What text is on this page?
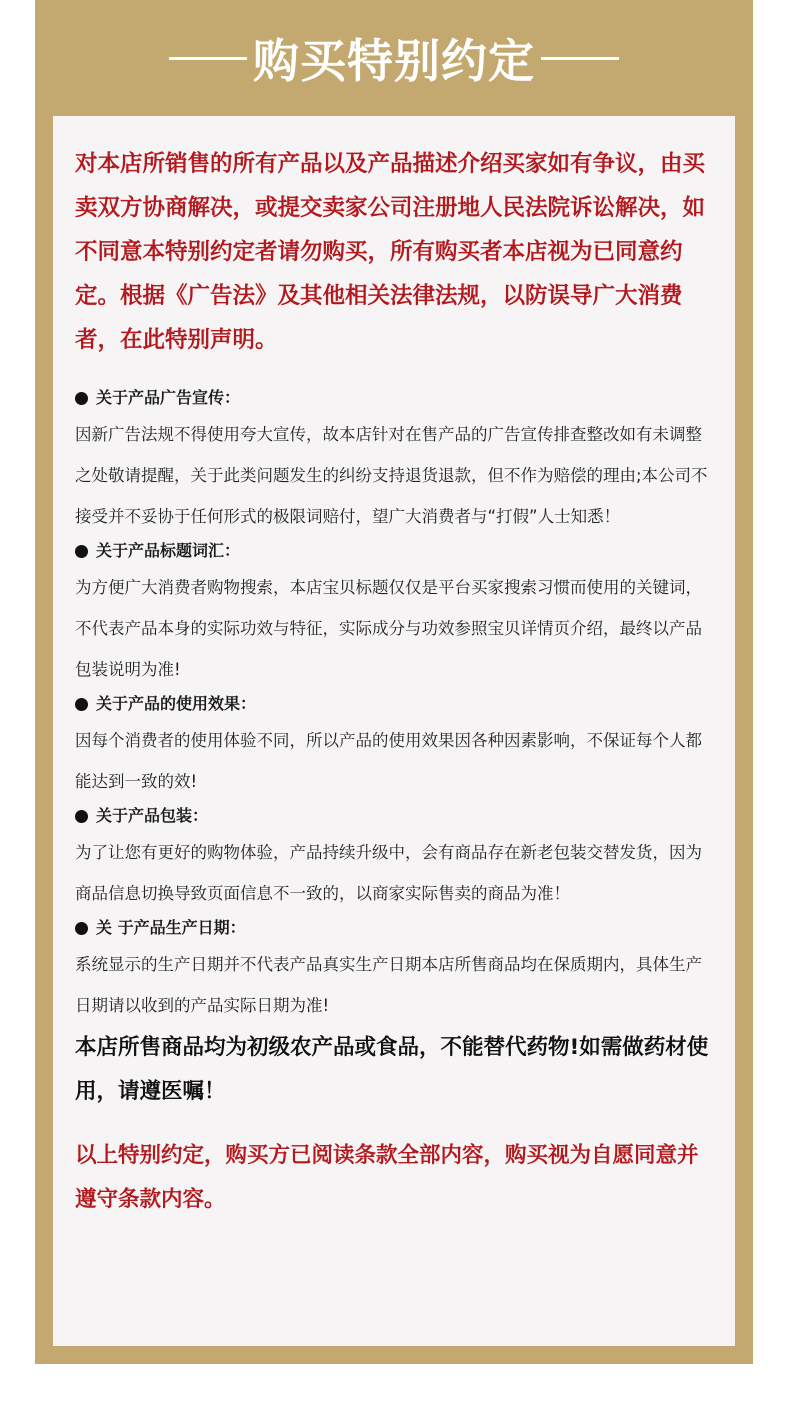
购买特别约定

对本店所销售的所有产品以及产品描述介绍买家如有争议，由买卖双方协商解决，或提交卖家公司注册地人民法院诉讼解决，如不同意本特别约定者请勿购买，所有购买者本店视为已同意约定。根据《广告法》及其他相关法律法规，以防误导广大消费者，在此特别声明。

关于产品广告宣传：

因新广告法规不得使用夸大宣传，故本店针对在售产品的广告宣传排查整改如有未调整之处敬请提醒，关于此类问题发生的纠纷支持退货退款，但不作为赔偿的理由;本公司不接受并不妥协于任何形式的极限词赔付，望广大消费者与“打假”人士知悉！

关于产品标题词汇：

为方便广大消费者购物搜索，本店宝贝标题仅仅是平台买家搜索习惯而使用的关键词，不代表产品本身的实际功效与特征，实际成分与功效参照宝贝详情页介绍，最终以产品包装说明为准!

关于产品的使用效果：

因每个消费者的使用体验不同，所以产品的使用效果因各种因素影响，不保证每个人都能达到一致的效!

关于产品包装：

为了让您有更好的购物体验，产品持续升级中，会有商品存在新老包装交替发货，因为商品信息切换导致页面信息不一致的，以商家实际售卖的商品为准！

关 于产品生产日期：

系统显示的生产日期并不代表产品真实生产日期本店所售商品均在保质期内，具体生产日期请以收到的产品实际日期为准!

本店所售商品均为初级农产品或食品，不能替代药物!如需做药材使用，请遵医嘱！

以上特别约定，购买方已阅读条款全部内容，购买视为自愿同意并遵守条款内容。
